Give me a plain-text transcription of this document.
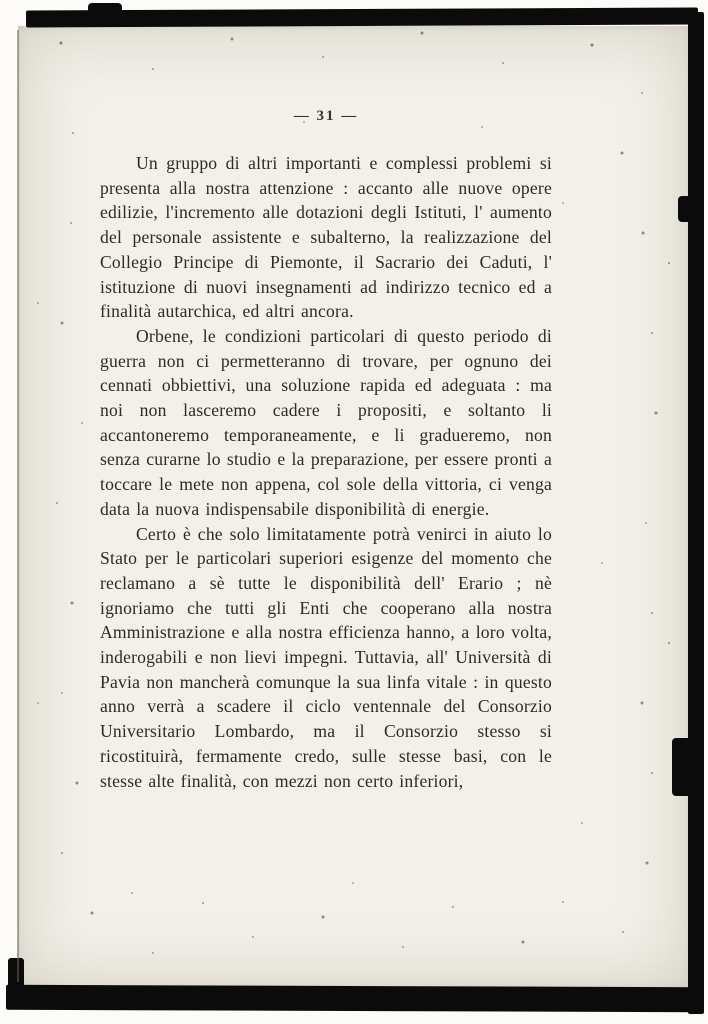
— 31 —

Un gruppo di altri importanti e complessi problemi si presenta alla nostra attenzione : accanto alle nuove opere edilizie, l'incremento alle dotazioni degli Istituti, l' aumento del personale assistente e subalterno, la realizzazione del Collegio Principe di Piemonte, il Sacrario dei Caduti, l' istituzione di nuovi insegnamenti ad indirizzo tecnico ed a finalità autarchica, ed altri ancora.

Orbene, le condizioni particolari di questo periodo di guerra non ci permetteranno di trovare, per ognuno dei cennati obbiettivi, una soluzione rapida ed adeguata : ma noi non lasceremo cadere i propositi, e soltanto li accantoneremo temporaneamente, e li gradueremo, non senza curarne lo studio e la preparazione, per essere pronti a toccare le mete non appena, col sole della vittoria, ci venga data la nuova indispensabile disponibilità di energie.

Certo è che solo limitatamente potrà venirci in aiuto lo Stato per le particolari superiori esigenze del momento che reclamano a sè tutte le disponibilità dell' Erario ; nè ignoriamo che tutti gli Enti che cooperano alla nostra Amministrazione e alla nostra efficienza hanno, a loro volta, inderogabili e non lievi impegni. Tuttavia, all' Università di Pavia non mancherà comunque la sua linfa vitale : in questo anno verrà a scadere il ciclo ventennale del Consorzio Universitario Lombardo, ma il Consorzio stesso si ricostituirà, fermamente credo, sulle stesse basi, con le stesse alte finalità, con mezzi non certo inferiori,
